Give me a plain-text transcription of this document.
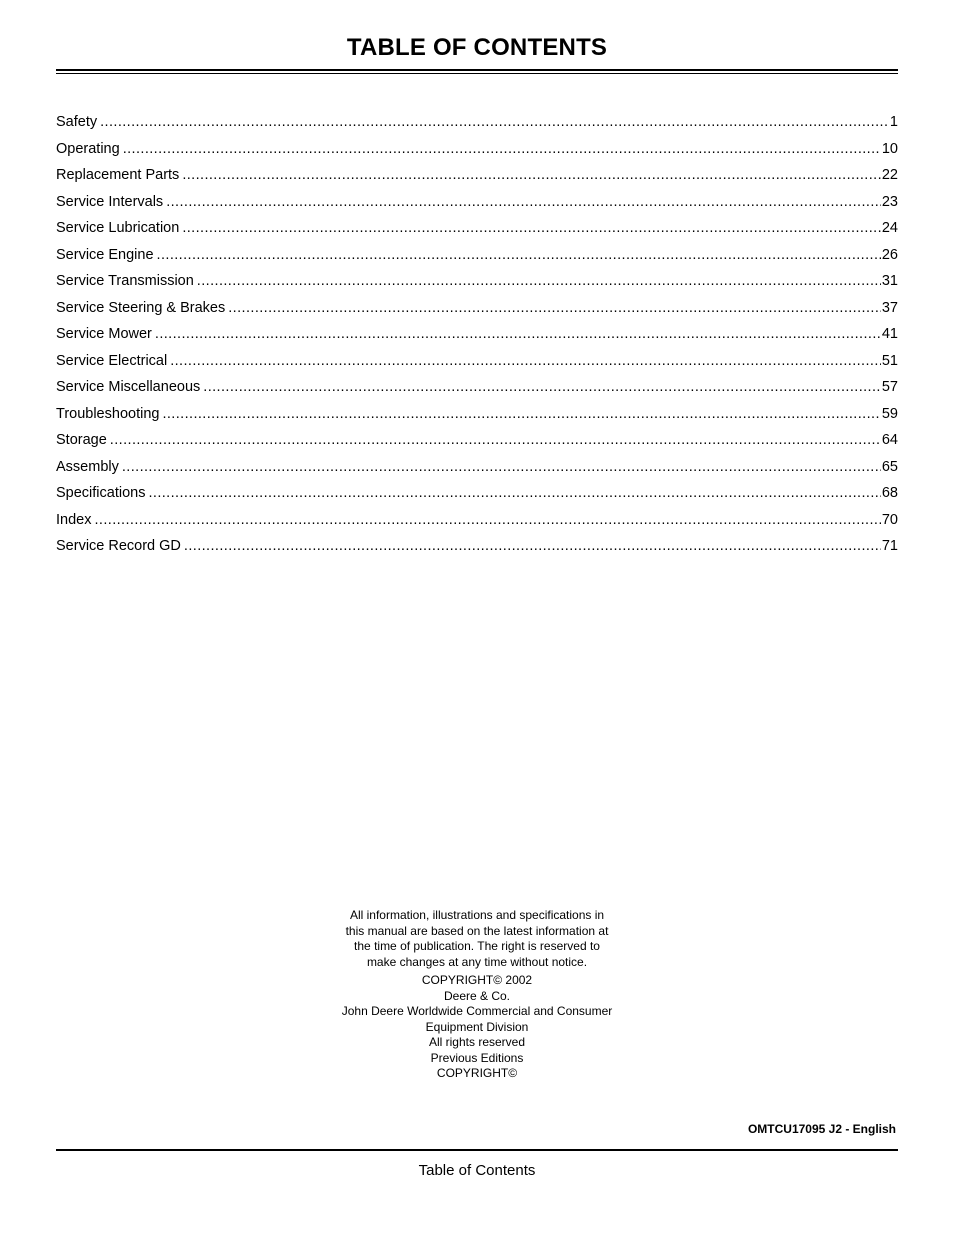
TABLE OF CONTENTS
Safety .....	1
Operating .....	10
Replacement Parts .....	22
Service Intervals .....	23
Service Lubrication .....	24
Service Engine .....	26
Service Transmission .....	31
Service Steering & Brakes .....	37
Service Mower .....	41
Service Electrical .....	51
Service Miscellaneous .....	57
Troubleshooting .....	59
Storage .....	64
Assembly .....	65
Specifications .....	68
Index .....	70
Service Record GD .....	71
All information, illustrations and specifications in this manual are based on the latest information at the time of publication. The right is reserved to make changes at any time without notice.
COPYRIGHT© 2002
Deere & Co.
John Deere Worldwide Commercial and Consumer Equipment Division
All rights reserved
Previous Editions
COPYRIGHT©
OMTCU17095 J2 - English
Table of Contents
